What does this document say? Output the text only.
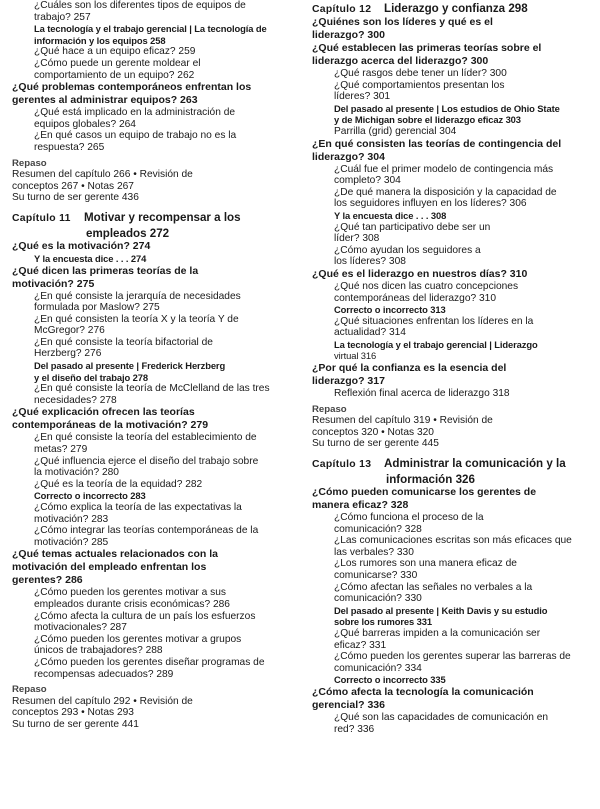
¿Cuáles son los diferentes tipos de equipos de
trabajo? 257
La tecnología y el trabajo gerencial | La tecnología de
información y los equipos 258
¿Qué hace a un equipo eficaz? 259
¿Cómo puede un gerente moldear el
comportamiento de un equipo? 262
¿Qué problemas contemporáneos enfrentan los
gerentes al administrar equipos? 263
¿Qué está implicado en la administración de
equipos globales? 264
¿En qué casos un equipo de trabajo no es la
respuesta? 265
Repaso
Resumen del capítulo 266 • Revisión de
conceptos 267 • Notas 267
Su turno de ser gerente 436
Capítulo 11 Motivar y recompensar a los
empleados 272
¿Qué es la motivación? 274
Y la encuesta dice . . . 274
¿Qué dicen las primeras teorías de la
motivación? 275
¿En qué consiste la jerarquía de necesidades
formulada por Maslow? 275
¿En qué consisten la teoría X y la teoría Y de
McGregor? 276
¿En qué consiste la teoría bifactorial de
Herzberg? 276
Del pasado al presente | Frederick Herzberg
y el diseño del trabajo 278
¿En qué consiste la teoría de McClelland de las tres
necesidades? 278
¿Qué explicación ofrecen las teorías
contemporáneas de la motivación? 279
¿En qué consiste la teoría del establecimiento de
metas? 279
¿Qué influencia ejerce el diseño del trabajo sobre
la motivación? 280
¿Qué es la teoría de la equidad? 282
Correcto o incorrecto 283
¿Cómo explica la teoría de las expectativas la
motivación? 283
¿Cómo integrar las teorías contemporáneas de la
motivación? 285
¿Qué temas actuales relacionados con la
motivación del empleado enfrentan los
gerentes? 286
¿Cómo pueden los gerentes motivar a sus
empleados durante crisis económicas? 286
¿Cómo afecta la cultura de un país los esfuerzos
motivacionales? 287
¿Cómo pueden los gerentes motivar a grupos
únicos de trabajadores? 288
¿Cómo pueden los gerentes diseñar programas de
recompensas adecuados? 289
Repaso
Resumen del capítulo 292 • Revisión de
conceptos 293 • Notas 293
Su turno de ser gerente 441
Capítulo 12 Liderazgo y confianza 298
¿Quiénes son los líderes y qué es el
liderazgo? 300
¿Qué establecen las primeras teorías sobre el
liderazgo acerca del liderazgo? 300
¿Qué rasgos debe tener un líder? 300
¿Qué comportamientos presentan los
líderes? 301
Del pasado al presente | Los estudios de Ohio State
y de Michigan sobre el liderazgo eficaz 303
Parrilla (grid) gerencial 304
¿En qué consisten las teorías de contingencia del
liderazgo? 304
¿Cuál fue el primer modelo de contingencia más
completo? 304
¿De qué manera la disposición y la capacidad de
los seguidores influyen en los líderes? 306
Y la encuesta dice . . . 308
¿Qué tan participativo debe ser un
líder? 308
¿Cómo ayudan los seguidores a
los líderes? 308
¿Qué es el liderazgo en nuestros días? 310
¿Qué nos dicen las cuatro concepciones
contemporáneas del liderazgo? 310
Correcto o incorrecto 313
¿Qué situaciones enfrentan los líderes en la
actualidad? 314
La tecnología y el trabajo gerencial | Liderazgo
virtual 316
¿Por qué la confianza es la esencia del
liderazgo? 317
Reflexión final acerca de liderazgo 318
Repaso
Resumen del capítulo 319 • Revisión de
conceptos 320 • Notas 320
Su turno de ser gerente 445
Capítulo 13 Administrar la comunicación y la
información 326
¿Cómo pueden comunicarse los gerentes de
manera eficaz? 328
¿Cómo funciona el proceso de la
comunicación? 328
¿Las comunicaciones escritas son más eficaces que
las verbales? 330
¿Los rumores son una manera eficaz de
comunicarse? 330
¿Cómo afectan las señales no verbales a la
comunicación? 330
Del pasado al presente | Keith Davis y su estudio
sobre los rumores 331
¿Qué barreras impiden a la comunicación ser
eficaz? 331
¿Cómo pueden los gerentes superar las barreras de
comunicación? 334
Correcto o incorrecto 335
¿Cómo afecta la tecnología la comunicación
gerencial? 336
¿Qué son las capacidades de comunicación en
red? 336
